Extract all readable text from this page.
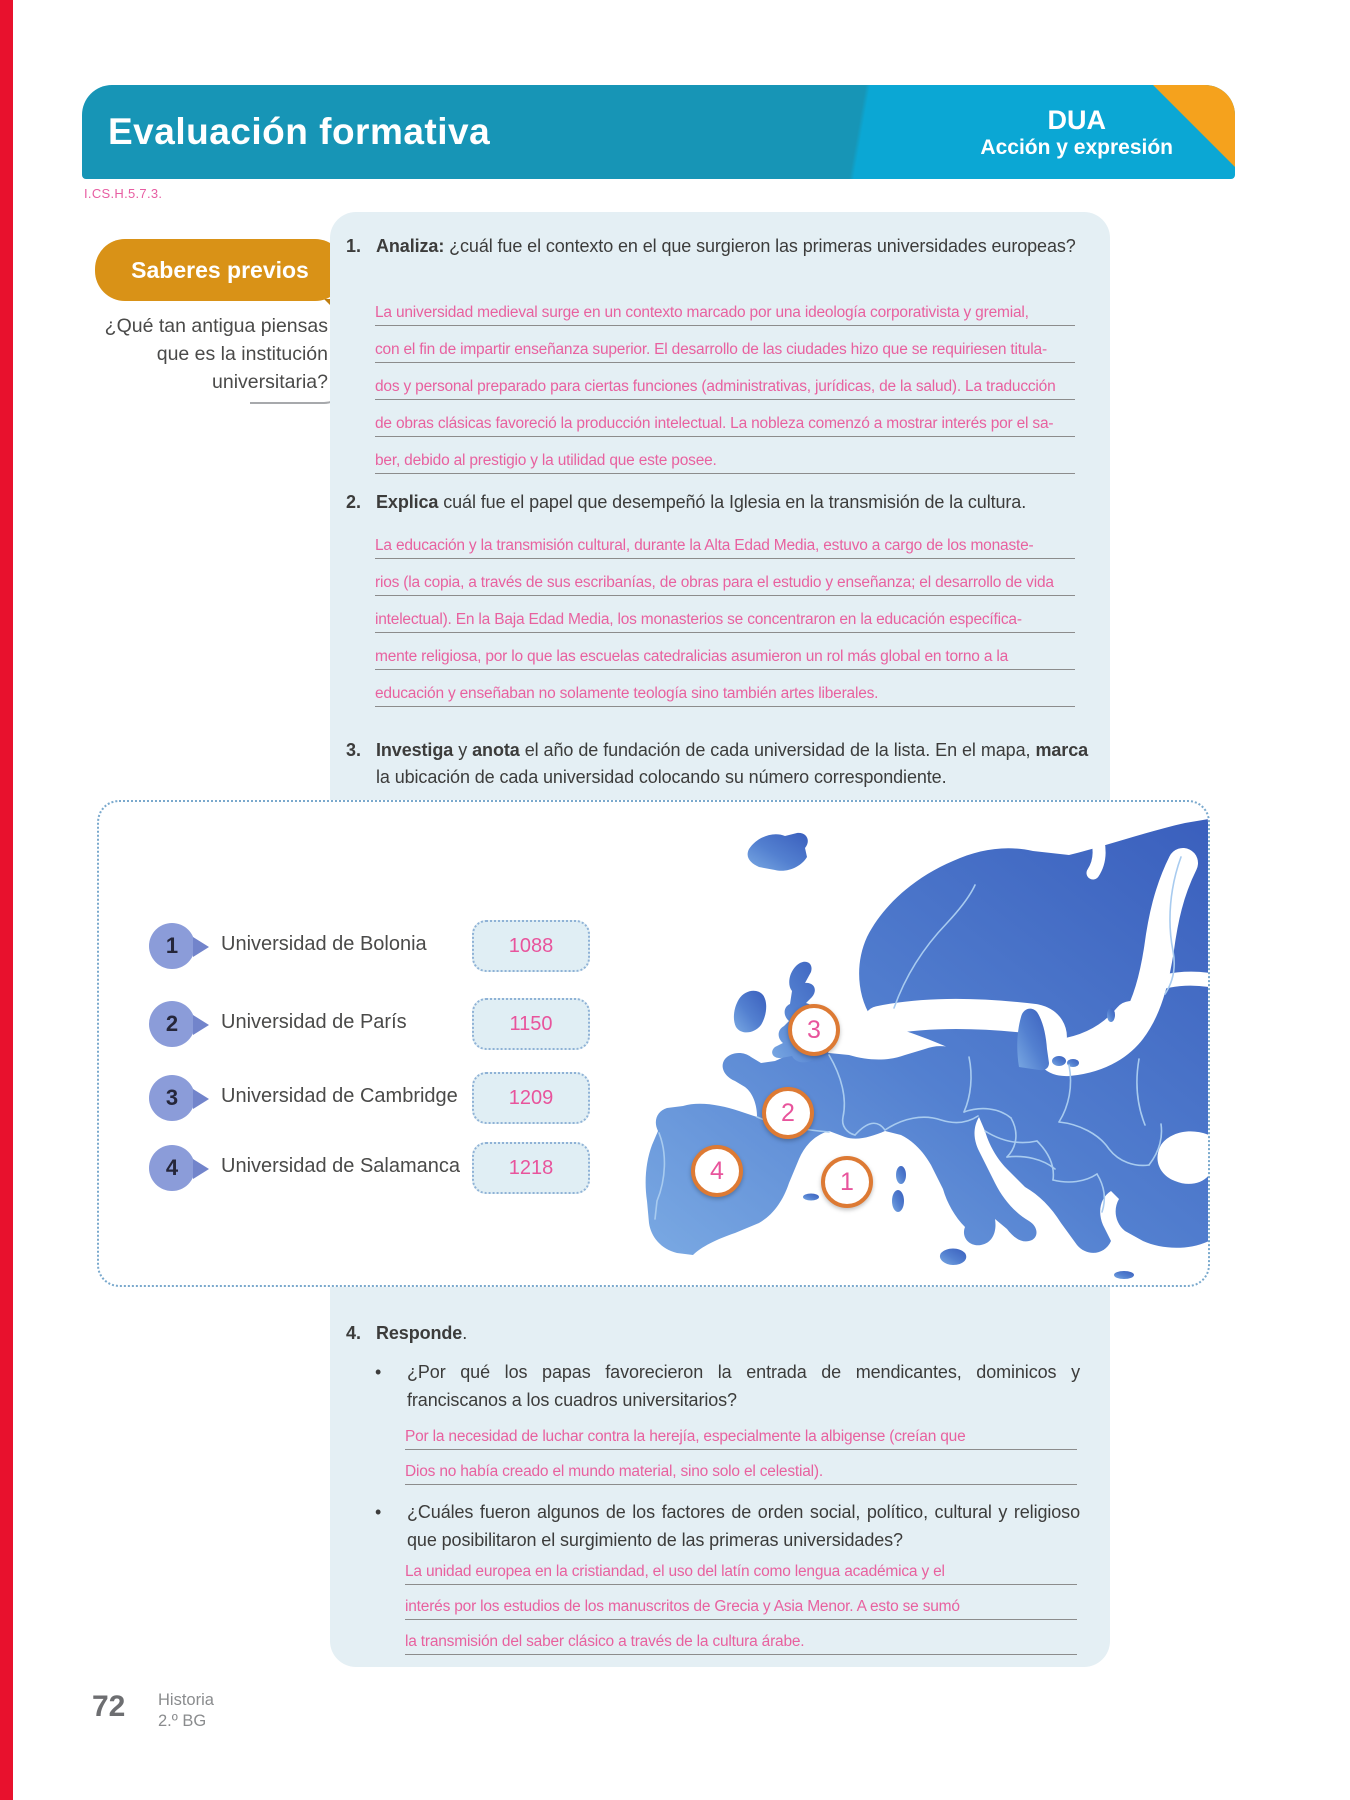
Evaluación formativa	DUA
Acción y expresión
I.CS.H.5.7.3.
Saberes previos
¿Qué tan antigua piensas que es la institución universitaria?
1. Analiza: ¿cuál fue el contexto en el que surgieron las primeras universidades europeas?
La universidad medieval surge en un contexto marcado por una ideología corporativista y gremial,
con el fin de impartir enseñanza superior. El desarrollo de las ciudades hizo que se requiriesen titula-
dos y personal preparado para ciertas funciones (administrativas, jurídicas, de la salud). La traducción
de obras clásicas favoreció la producción intelectual. La nobleza comenzó a mostrar interés por el sa-
ber, debido al prestigio y la utilidad que este posee.
2. Explica cuál fue el papel que desempeñó la Iglesia en la transmisión de la cultura.
La educación y la transmisión cultural, durante la Alta Edad Media, estuvo a cargo de los monaste-
rios (la copia, a través de sus escribanías, de obras para el estudio y enseñanza; el desarrollo de vida
intelectual). En la Baja Edad Media, los monasterios se concentraron en la educación específica-
mente religiosa, por lo que las escuelas catedralicias asumieron un rol más global en torno a la
educación y enseñaban no solamente teología sino también artes liberales.
3. Investiga y anota el año de fundación de cada universidad de la lista. En el mapa, marca la ubicación de cada universidad colocando su número correspondiente.
1 Universidad de Bolonia	1088
2 Universidad de París	1150
3 Universidad de Cambridge	1209
4 Universidad de Salamanca 1218
3
2
4	1
4. Responde.
•	¿Por qué los papas favorecieron la entrada de mendicantes, dominicos y franciscanos a los cuadros universitarios?
Por la necesidad de luchar contra la herejía, especialmente la albigense (creían que
Dios no había creado el mundo material, sino solo el celestial).
•	¿Cuáles fueron algunos de los factores de orden social, político, cultural y religioso que posibilitaron el surgimiento de las primeras universidades?
La unidad europea en la cristiandad, el uso del latín como lengua académica y el
interés por los estudios de los manuscritos de Grecia y Asia Menor. A esto se sumó
la transmisión del saber clásico a través de la cultura árabe.
72 Historia
2.º BG
